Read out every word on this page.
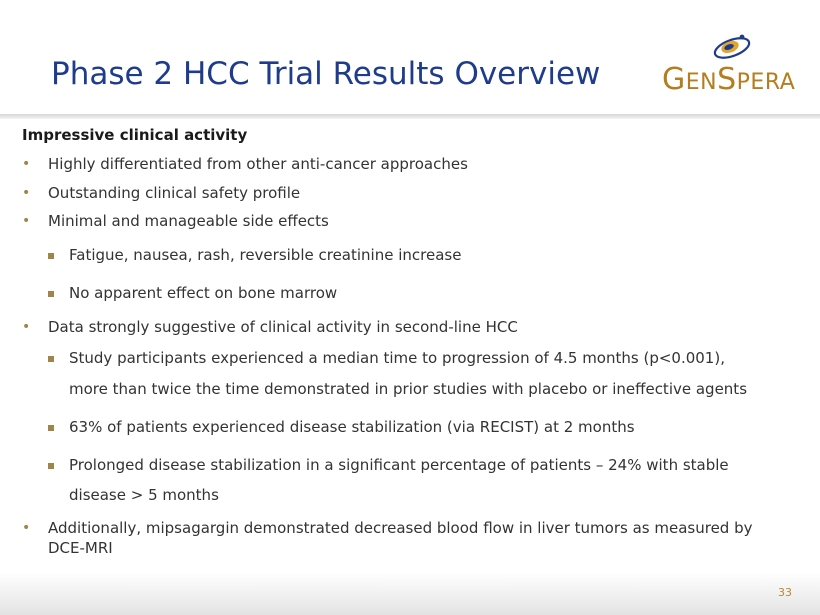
Phase 2 HCC Trial Results Overview GENSPERA
Impressive clinical activity
• Highly differentiated from other anti-cancer approaches
• Outstanding clinical safety profile
• Minimal and manageable side effects
Fatigue, nausea, rash, reversible creatinine increase
No apparent effect on bone marrow
• Data strongly suggestive of clinical activity in second-line HCC
Study participants experienced a median time to progression of 4.5 months (p<0.001),
more than twice the time demonstrated in prior studies with placebo or ineffective agents
63% of patients experienced disease stabilization (via RECIST) at 2 months
Prolonged disease stabilization in a significant percentage of patients – 24% with stable
disease > 5 months
• Additionally, mipsagargin demonstrated decreased blood flow in liver tumors as measured by
DCE-MRI
33
